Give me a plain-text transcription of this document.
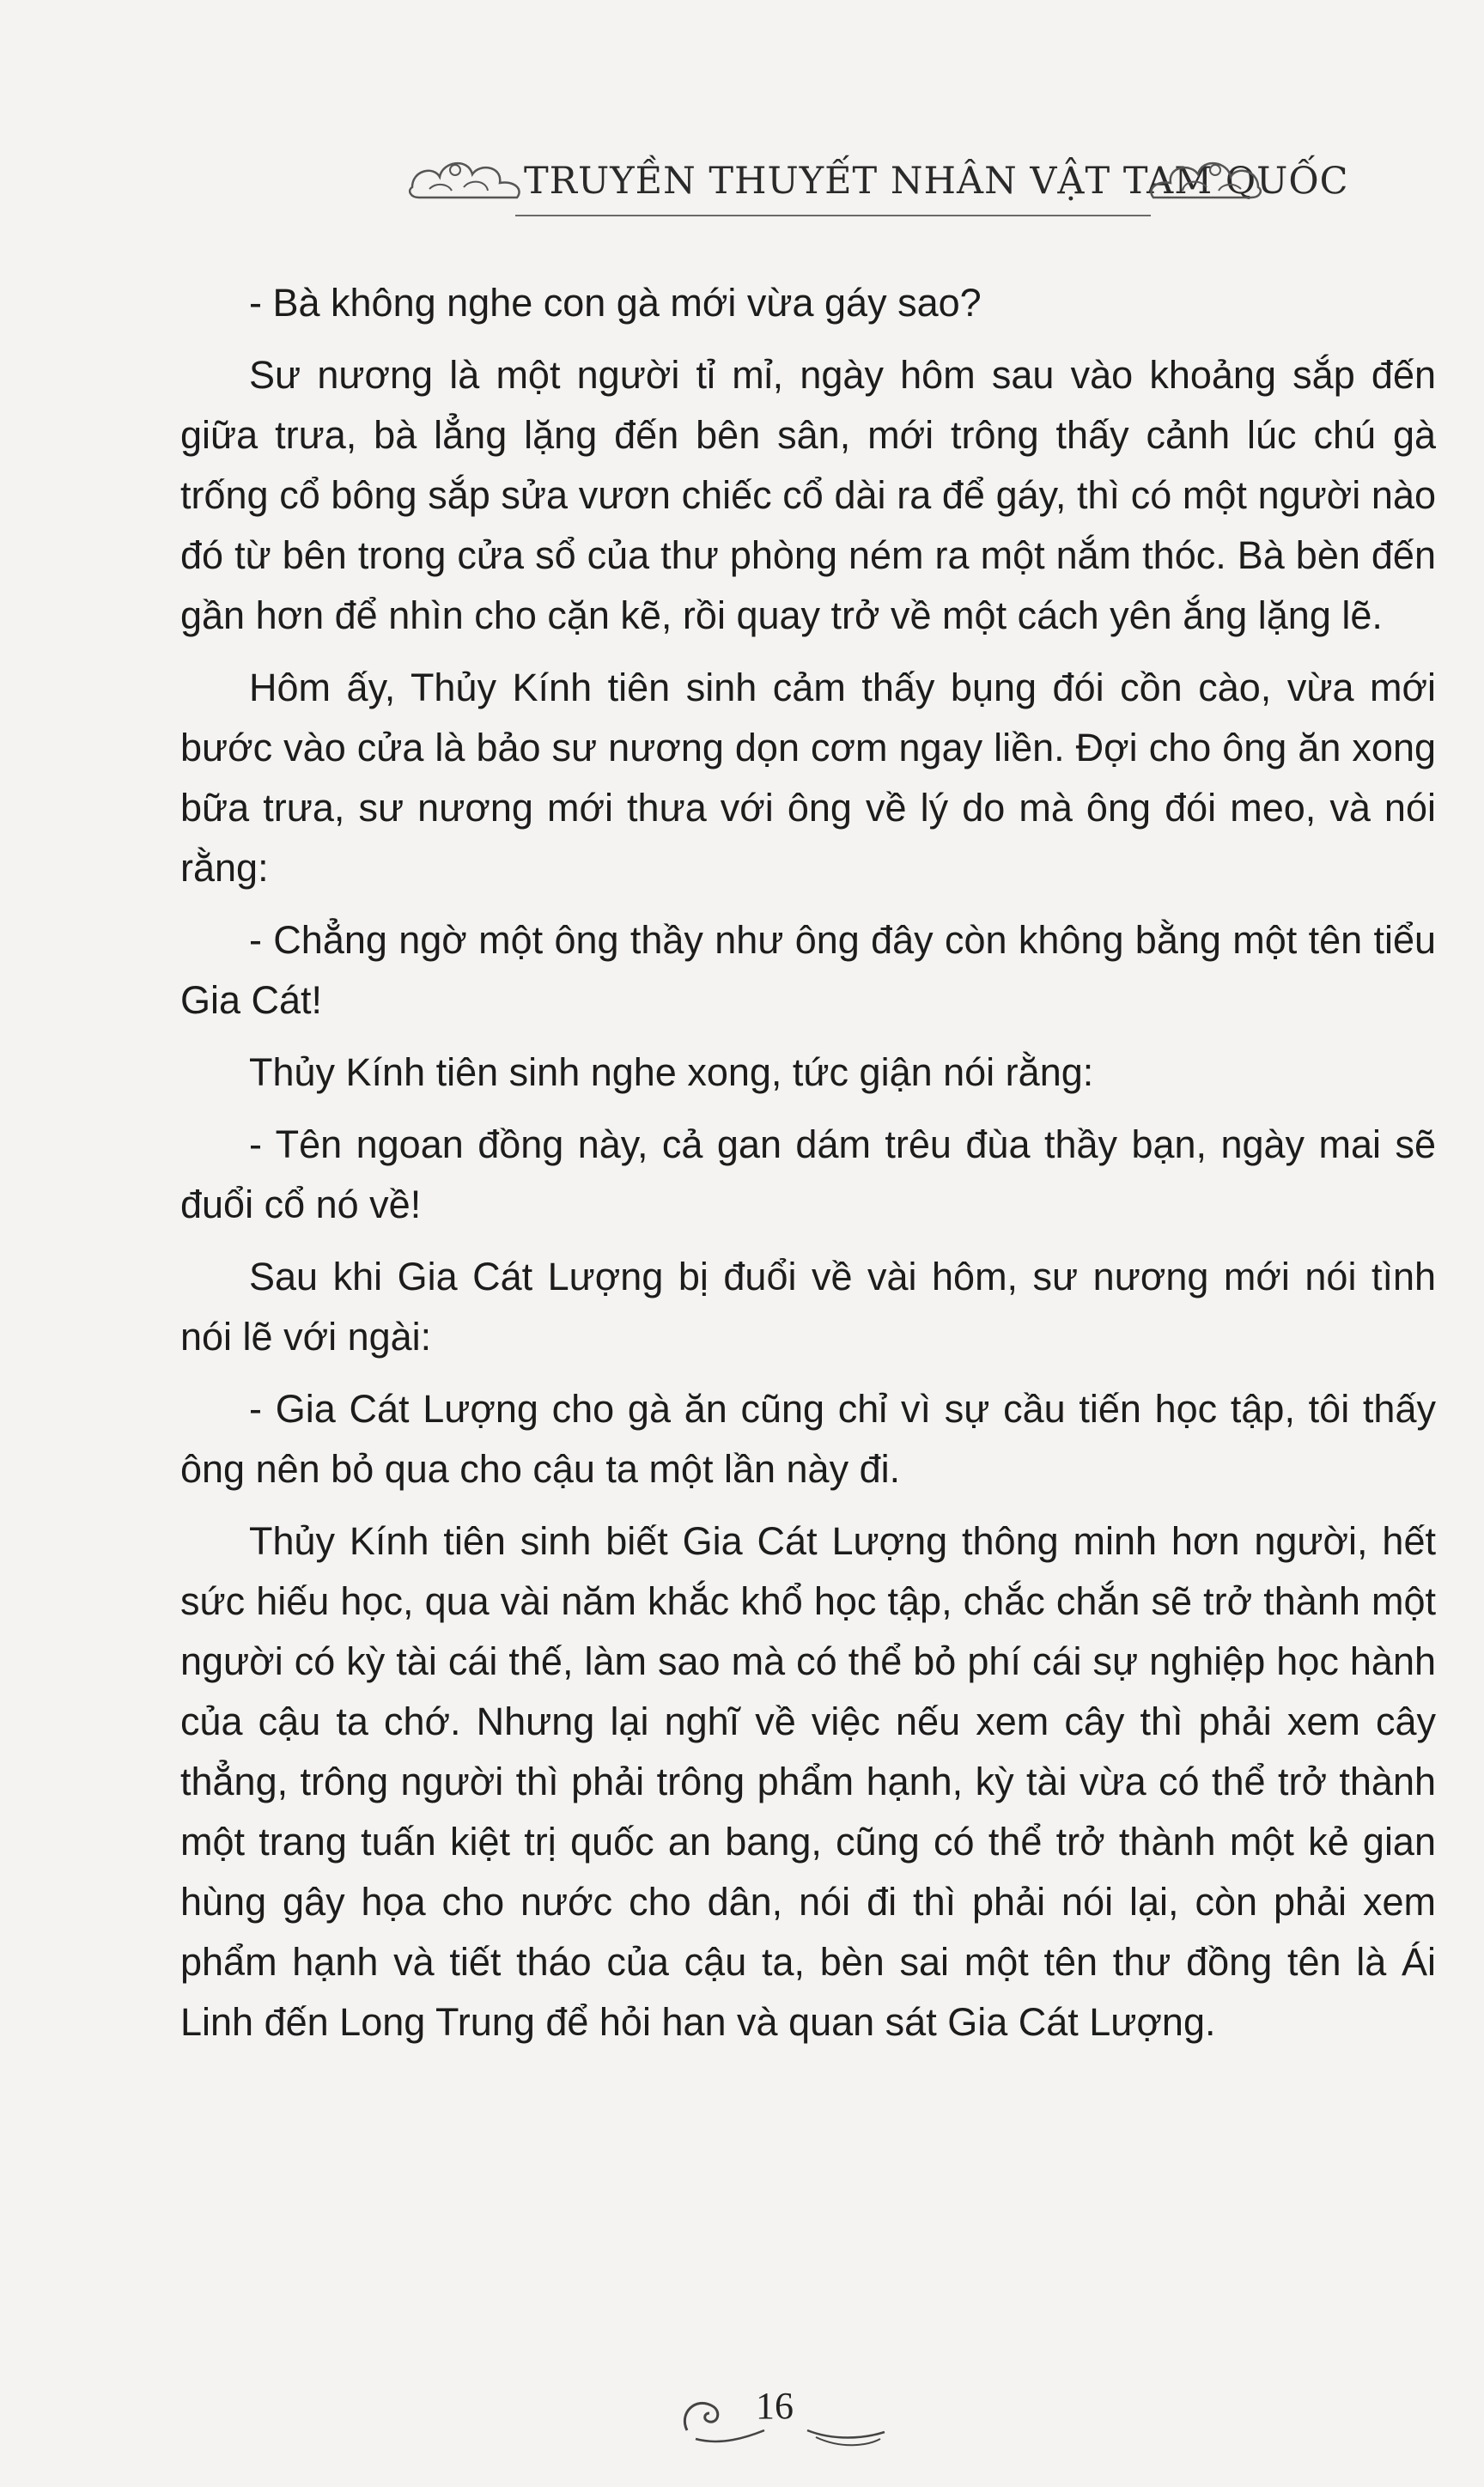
TRUYỀN THUYẾT NHÂN VẬT TAM QUỐC

- Bà không nghe con gà mới vừa gáy sao?

Sư nương là một người tỉ mỉ, ngày hôm sau vào khoảng sắp đến giữa trưa, bà lẳng lặng đến bên sân, mới trông thấy cảnh lúc chú gà trống cổ bông sắp sửa vươn chiếc cổ dài ra để gáy, thì có một người nào đó từ bên trong cửa sổ của thư phòng ném ra một nắm thóc. Bà bèn đến gần hơn để nhìn cho cặn kẽ, rồi quay trở về một cách yên ắng lặng lẽ.

Hôm ấy, Thủy Kính tiên sinh cảm thấy bụng đói cồn cào, vừa mới bước vào cửa là bảo sư nương dọn cơm ngay liền. Đợi cho ông ăn xong bữa trưa, sư nương mới thưa với ông về lý do mà ông đói meo, và nói rằng:

- Chẳng ngờ một ông thầy như ông đây còn không bằng một tên tiểu Gia Cát!

Thủy Kính tiên sinh nghe xong, tức giận nói rằng:

- Tên ngoan đồng này, cả gan dám trêu đùa thầy bạn, ngày mai sẽ đuổi cổ nó về!

Sau khi Gia Cát Lượng bị đuổi về vài hôm, sư nương mới nói tình nói lẽ với ngài:

- Gia Cát Lượng cho gà ăn cũng chỉ vì sự cầu tiến học tập, tôi thấy ông nên bỏ qua cho cậu ta một lần này đi.

Thủy Kính tiên sinh biết Gia Cát Lượng thông minh hơn người, hết sức hiếu học, qua vài năm khắc khổ học tập, chắc chắn sẽ trở thành một người có kỳ tài cái thế, làm sao mà có thể bỏ phí cái sự nghiệp học hành của cậu ta chớ. Nhưng lại nghĩ về việc nếu xem cây thì phải xem cây thẳng, trông người thì phải trông phẩm hạnh, kỳ tài vừa có thể trở thành một trang tuấn kiệt trị quốc an bang, cũng có thể trở thành một kẻ gian hùng gây họa cho nước cho dân, nói đi thì phải nói lại, còn phải xem phẩm hạnh và tiết tháo của cậu ta, bèn sai một tên thư đồng tên là Ái Linh đến Long Trung để hỏi han và quan sát Gia Cát Lượng.

16
